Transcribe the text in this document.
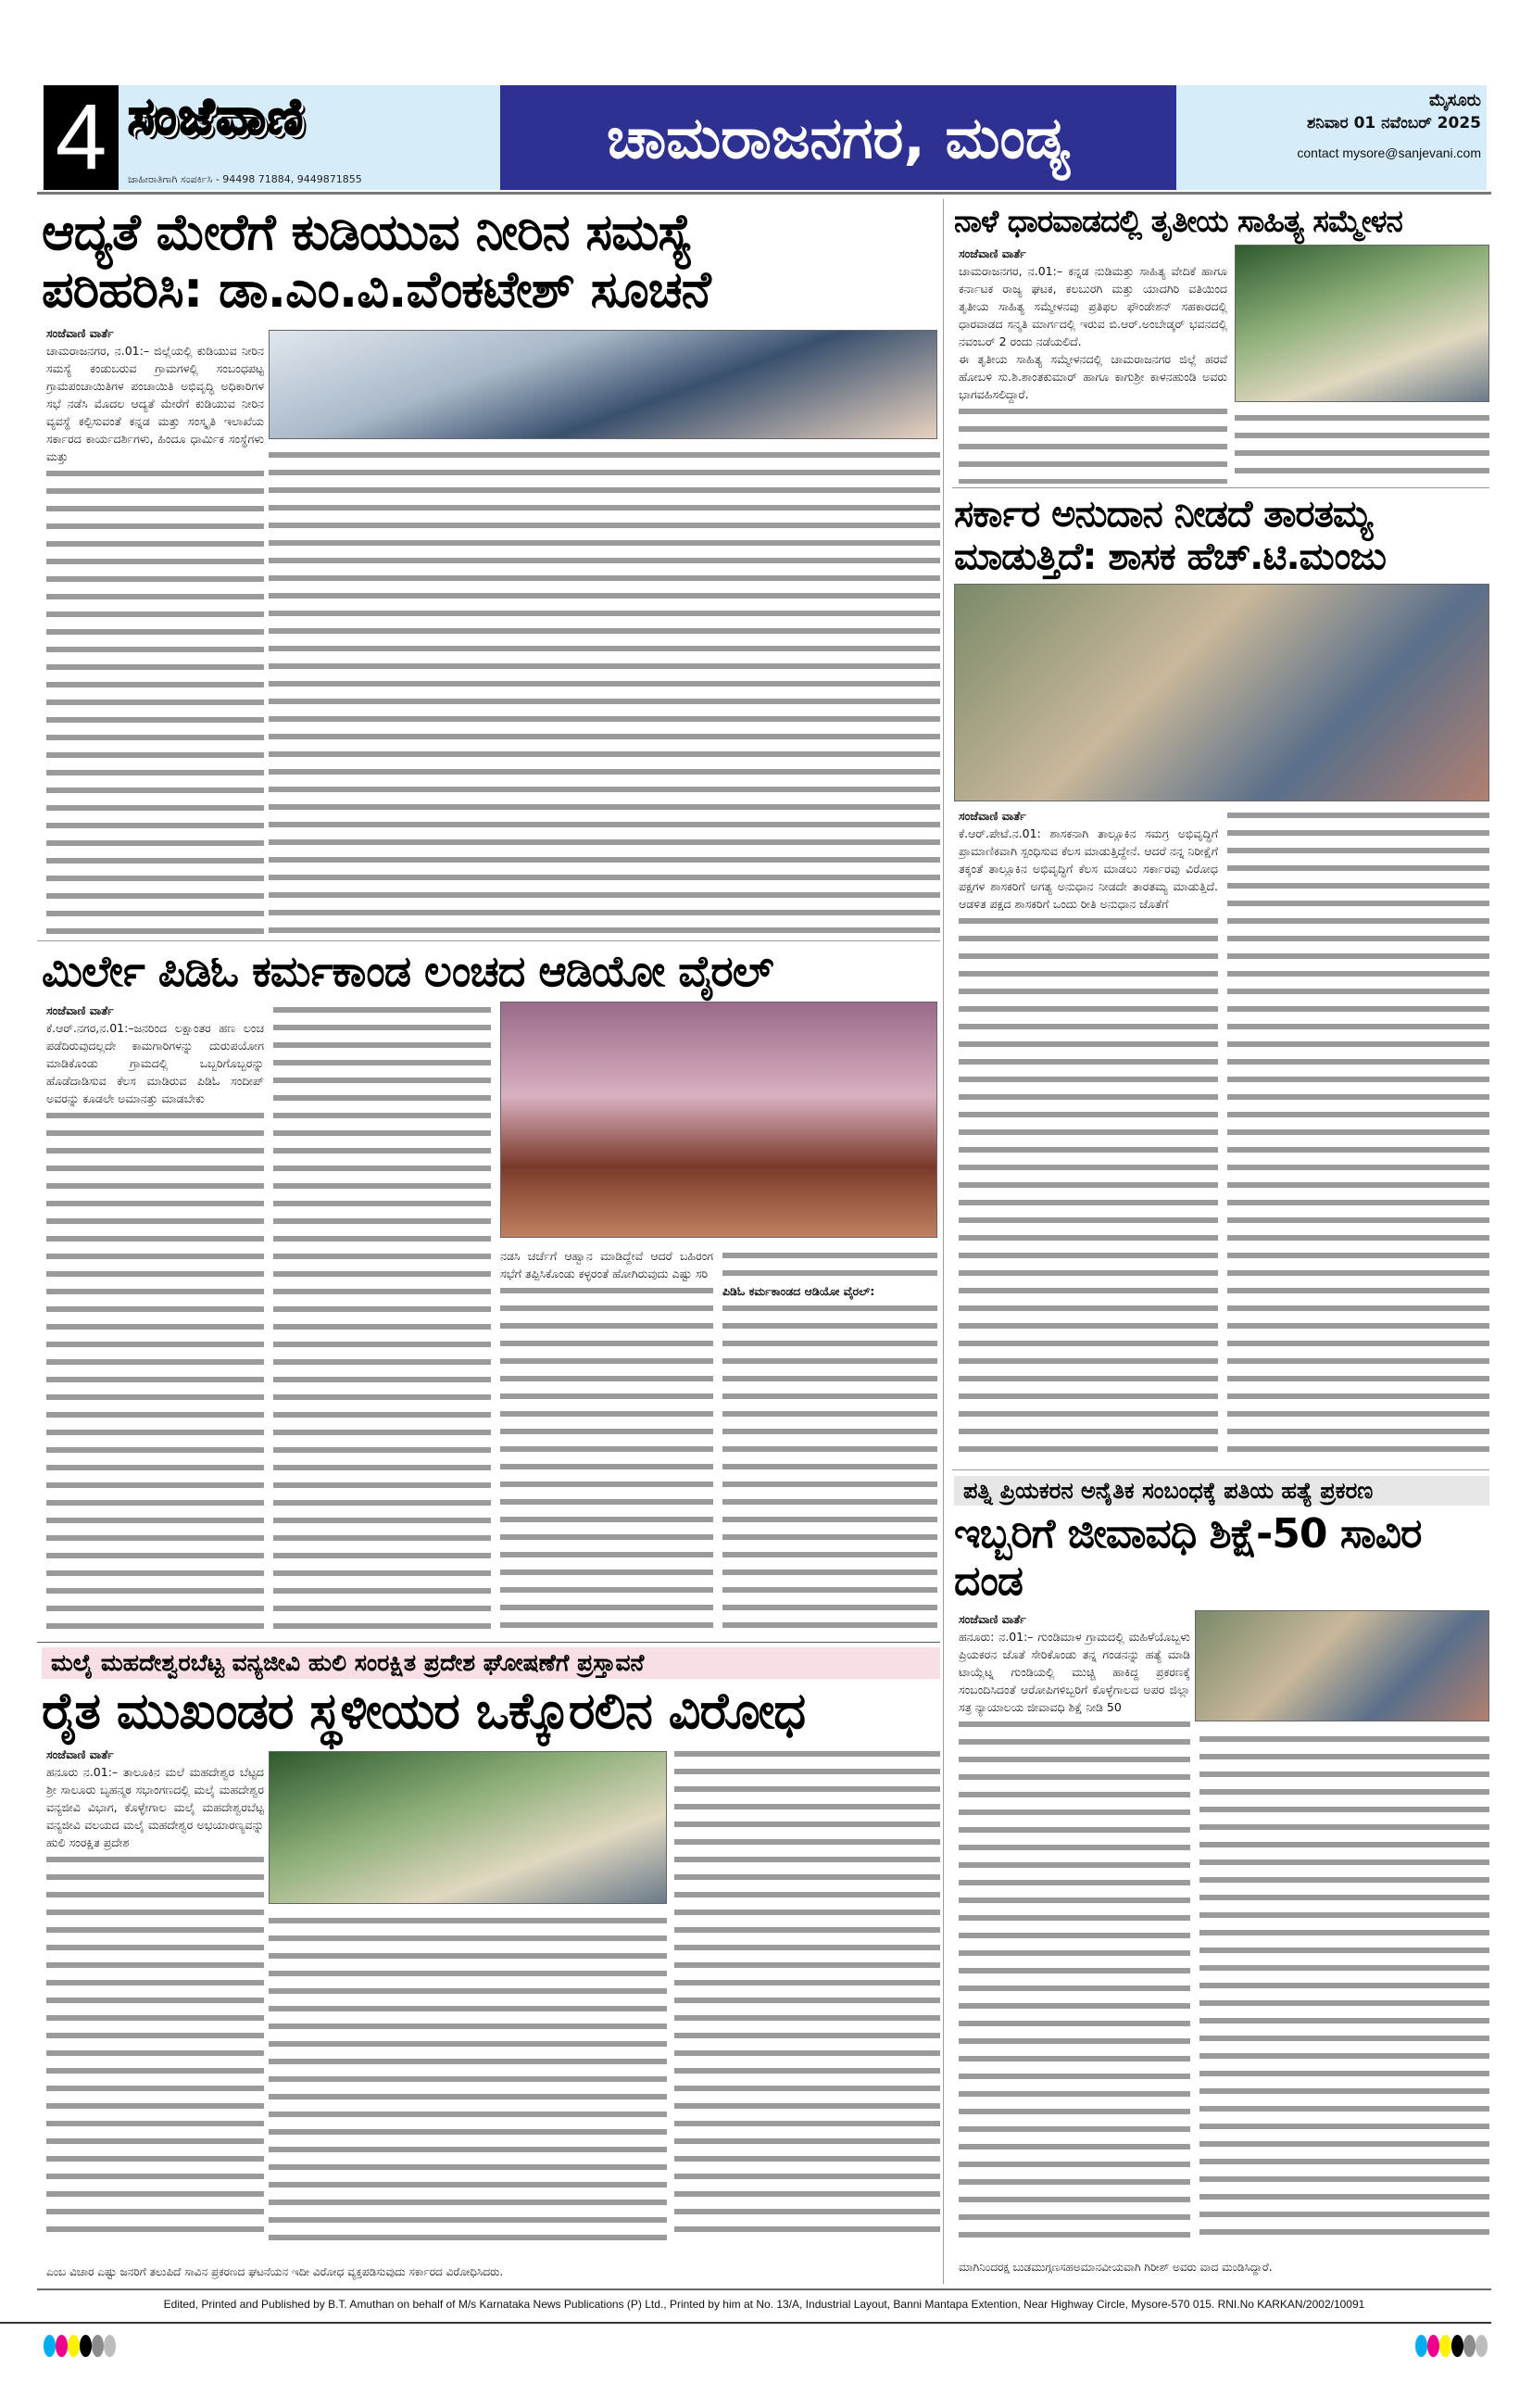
4 ಸಂಜೆವಾಣಿ
ಜಾಹೀರಾತಿಗಾಗಿ ಸಂಪರ್ಕಿಸಿ - 94498 71884, 9449871855
ಚಾಮರಾಜನಗರ, ಮಂಡ್ಯ
ಮೈಸೂರು
ಶನಿವಾರ 01 ನವೆಂಬರ್ 2025
contact mysore@sanjevani.com
ಆದ್ಯತೆ ಮೇರೆಗೆ ಕುಡಿಯುವ ನೀರಿನ ಸಮಸ್ಯೆ
ಪರಿಹರಿಸಿ: ಡಾ.ಎಂ.ವಿ.ವೆಂಕಟೇಶ್ ಸೂಚನೆ
ಸಂಜೆವಾಣಿ ವಾರ್ತೆ
ಚಾಮರಾಜನಗರ, ನ.01:– ಜಿಲ್ಲೆಯಲ್ಲಿ ಕುಡಿಯುವ ನೀರಿನ ಸಮಸ್ಯೆ ಕಂಡುಬರುವ ಗ್ರಾಮಗಳಲ್ಲಿ ಸಂಬಂಧಪಟ್ಟ ಗ್ರಾಮಪಂಚಾಯಿತಿಗಳ ಪಂಚಾಯಿತಿ ಅಭಿವೃದ್ಧಿ ಅಧಿಕಾರಿಗಳ ಸಭೆ ನಡೆಸಿ ಮೊದಲ ಆದ್ಯತೆ ಮೇರೆಗೆ ಕುಡಿಯುವ ನೀರಿನ ವ್ಯವಸ್ಥೆ ಕಲ್ಪಿಸುವಂತೆ ಕನ್ನಡ ಮತ್ತು ಸಂಸ್ಕೃತಿ ಇಲಾಖೆಯ ಸರ್ಕಾರದ ಕಾರ್ಯದರ್ಶಿಗಳು, ಹಿಂದೂ ಧಾರ್ಮಿಕ ಸಂಸ್ಥೆಗಳು ಮತ್ತು
ನಾಳೆ ಧಾರವಾಡದಲ್ಲಿ ತೃತೀಯ ಸಾಹಿತ್ಯ ಸಮ್ಮೇಳನ
ಸಂಜೆವಾಣಿ ವಾರ್ತೆ
ಚಾಮರಾಜನಗರ, ನ.01:– ಕನ್ನಡ ನುಡಿಮತ್ತು ಸಾಹಿತ್ಯ ವೇದಿಕೆ ಹಾಗೂ ಕರ್ನಾಟಕ ರಾಜ್ಯ ಘಟಕ, ಕಲಬುರಗಿ ಮತ್ತು ಯಾದಗಿರಿ ವತಿಯಿಂದ ತೃತೀಯ ಸಾಹಿತ್ಯ ಸಮ್ಮೇಳನವು ಪ್ರತಿಫಲ ಫೌಂಡೇಶನ್ ಸಹಕಾರದಲ್ಲಿ ಧಾರವಾಡದ ಸನ್ಮತಿ ಮಾರ್ಗದಲ್ಲಿ ಇರುವ ಬಿ.ಆರ್.ಅಂಬೇಡ್ಕರ್ ಭವನದಲ್ಲಿ ನವಂಬರ್ 2 ರಂದು ನಡೆಯಲಿದೆ.
ಈ ತೃತೀಯ ಸಾಹಿತ್ಯ ಸಮ್ಮೇಳನದಲ್ಲಿ ಚಾಮರಾಜನಗರ ಜಿಲ್ಲೆ ಹರವೆ ಹೋಬಳಿ ಸು.ಶಿ.ಶಾಂತಕುಮಾರ್ ಹಾಗೂ ಕಾಗುಶ್ರೀ ಕಾಳನಹುಂಡಿ ಅವರು ಭಾಗವಹಿಸಲಿದ್ದಾರೆ.
ಸರ್ಕಾರ ಅನುದಾನ ನೀಡದೆ ತಾರತಮ್ಯ
ಮಾಡುತ್ತಿದೆ: ಶಾಸಕ ಹೆಚ್.ಟಿ.ಮಂಜು
ಸಂಜೆವಾಣಿ ವಾರ್ತೆ
ಕೆ.ಆರ್.ಪೇಟೆ.ನ.01: ಶಾಸಕನಾಗಿ ತಾಲ್ಲೂಕಿನ ಸಮಗ್ರ ಅಭಿವೃದ್ಧಿಗೆ ಪ್ರಾಮಾಣಿಕವಾಗಿ ಸ್ಪಂಧಿಸುವ ಕೆಲಸ ಮಾಡುತ್ತಿದ್ದೇನೆ. ಆದರೆ ನನ್ನ ನಿರೀಕ್ಷೆಗೆ ತಕ್ಕಂತೆ ತಾಲ್ಲೂಕಿನ ಅಭಿವೃದ್ಧಿಗೆ ಕೆಲಸ ಮಾಡಲು ಸರ್ಕಾರವು ವಿರೋಧ ಪಕ್ಷಗಳ ಶಾಸಕರಿಗೆ ಅಗತ್ಯ ಅನುಧಾನ ನೀಡದೇ ತಾರತಮ್ಯ ಮಾಡುತ್ತಿದೆ. ಆಡಳಿತ ಪಕ್ಷದ ಶಾಸಕರಿಗೆ ಒಂದು ರೀತಿ ಅನುಧಾನ ಜೊತೆಗೆ
ಮಿರ್ಲೇ ಪಿಡಿಓ ಕರ್ಮಕಾಂಡ ಲಂಚದ ಆಡಿಯೋ ವೈರಲ್
ಸಂಜೆವಾಣಿ ವಾರ್ತೆ
ಕೆ.ಆರ್.ನಗರ,ನ.01:–ಜನರಿಂದ ಲಕ್ಷಾಂತರ ಹಣ ಲಂಚ ಪಡೆದಿರುವುದಲ್ಲದೇ ಕಾಮಗಾರಿಗಳನ್ನು ದುರುಪಯೋಗ ಮಾಡಿಕೊಂಡು ಗ್ರಾಮದಲ್ಲಿ ಒಬ್ಬರಿಗೊಬ್ಬರನ್ನು ಹೊಡೆದಾಡಿಸುವ ಕೆಲಸ ಮಾಡಿರುವ ಪಿಡಿಓ ಸಂದೀಪ್ ಅವರನ್ನು ಕೂಡಲೇ ಅಮಾನತ್ತು ಮಾಡಬೇಕು
ನಡಸಿ ಚರ್ಚೆಗೆ ಆಹ್ವಾನ ಮಾಡಿದ್ದೇವೆ ಆದರೆ ಬಹಿರಂಗ ಸಭೆಗೆ ತಪ್ಪಿಸಿಕೊಂಡು ಕಳ್ಳರಂತೆ ಹೋಗಿರುವುದು ಎಷ್ಟು ಸರಿ
ಪಿಡಿಓ ಕರ್ಮಕಾಂಡದ ಆಡಿಯೋ ವೈರಲ್:
ಪತ್ನಿ ಪ್ರಿಯಕರನ ಅನೈತಿಕ ಸಂಬಂಧಕ್ಕೆ ಪತಿಯ ಹತ್ಯೆ ಪ್ರಕರಣ
ಇಬ್ಬರಿಗೆ ಜೀವಾವಧಿ ಶಿಕ್ಷೆ-50 ಸಾವಿರ ದಂಡ
ಸಂಜೆವಾಣಿ ವಾರ್ತೆ
ಹನೂರು: ನ.01:– ಗುಂಡಿಮಾಳ ಗ್ರಾಮದಲ್ಲಿ ಮಹಿಳೆಯೊಬ್ಬಳು ಪ್ರಿಯಕರನ ಜೊತೆ ಸೇರಿಕೊಂಡು ತನ್ನ ಗಂಡನನ್ನು ಹತ್ಯೆ ಮಾಡಿ ಟಾಯ್ಲೆಟ್ನ ಗುಂಡಿಯಲ್ಲಿ ಮುಚ್ಚಿ ಹಾಕಿದ್ದ ಪ್ರಕರಣಕ್ಕೆ ಸಂಬಂದಿಸಿದಂತೆ ಆರೋಪಿಗಳಿಬ್ಬರಿಗೆ ಕೊಳ್ಳೆಗಾಲದ ಅಪರ ಜಿಲ್ಲಾ ಸತ್ರ ನ್ಯಾಯಾಲಯ ಜೀವಾವಧಿ ಶಿಕ್ಷೆ ನೀಡಿ 50
ಮಾಗಿನಿಂದರಕ್ಷ ಬುಡಮುಗ್ಗಣಸಹಅಮಾನವೀಯವಾಗಿ ಗಿರೀಶ್ ಅವರು ವಾದ ಮಂಡಿಸಿದ್ದಾರೆ.
ಮಲೈ ಮಹದೇಶ್ವರಬೆಟ್ಟ ವನ್ಯಜೀವಿ ಹುಲಿ ಸಂರಕ್ಷಿತ ಪ್ರದೇಶ ಘೋಷಣೆಗೆ ಪ್ರಸ್ತಾವನೆ
ರೈತ ಮುಖಂಡರ ಸ್ಥಳೀಯರ ಒಕ್ಕೊರಲಿನ ವಿರೋಧ
ಸಂಜೆವಾಣಿ ವಾರ್ತೆ
ಹನೂರು ನ.01:– ತಾಲೂಕಿನ ಮಲೆ ಮಹದೇಶ್ವರ ಬೆಟ್ಟದ ಶ್ರೀ ಸಾಲೂರು ಬೃಹನ್ಮಠ ಸಭಾಂಗಣದಲ್ಲಿ ಮಲೈ ಮಹದೇಶ್ವರ ವನ್ಯಜೀವಿ ವಿಭಾಗ, ಕೊಳ್ಳೇಗಾಲ ಮಲೈ ಮಹದೇಶ್ವರಬೆಟ್ಟ ವನ್ಯಜೀವಿ ವಲಯದ ಮಲೈ ಮಹದೇಶ್ವರ ಅಭಯಾರಣ್ಯವನ್ನು ಹುಲಿ ಸಂರಕ್ಷಿತ ಪ್ರದೇಶ
ಎಂಬ ವಿಚಾರ ಎಷ್ಟು ಜನರಿಗೆ ತಲುಪಿದೆ ಸಾವಿನ ಪ್ರಕರಣದ ಘಟನೆಯನ ಇದೀ ವಿರೋಧ ವ್ಯಕ್ತಪಡಿಸುವುದು ಸರ್ಕಾರದ ವಿರೋಧಿಸಿದರು.
Edited, Printed and Published by B.T. Amuthan on behalf of M/s Karnataka News Publications (P) Ltd., Printed by him at No. 13/A, Industrial Layout, Banni Mantapa Extention, Near Highway Circle, Mysore-570 015. RNI.No KARKAN/2002/10091
